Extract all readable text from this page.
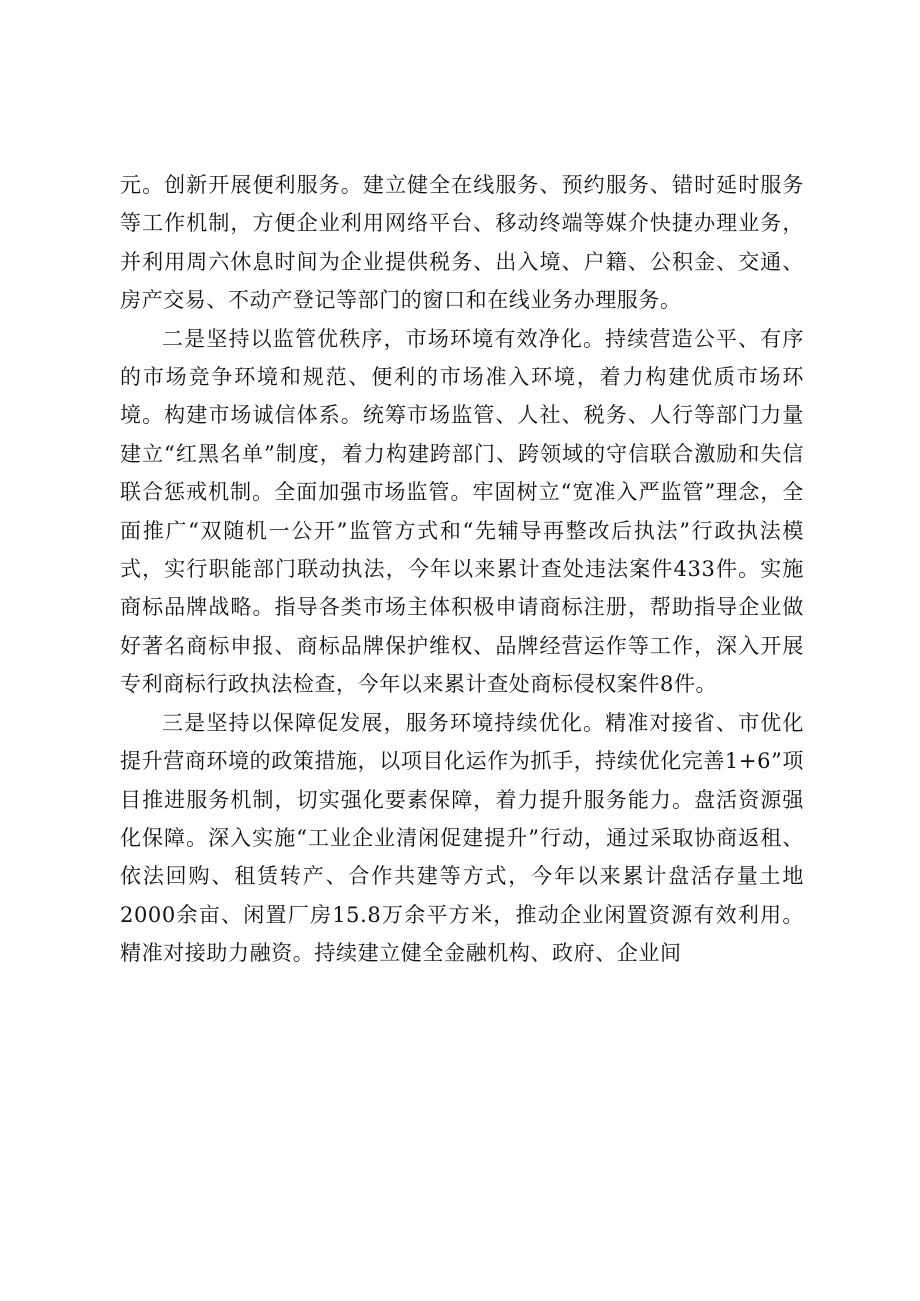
元。创新开展便利服务。建立健全在线服务、预约服务、错时延时服务等工作机制，方便企业利用网络平台、移动终端等媒介快捷办理业务，并利用周六休息时间为企业提供税务、出入境、户籍、公积金、交通、房产交易、不动产登记等部门的窗口和在线业务办理服务。

二是坚持以监管优秩序，市场环境有效净化。持续营造公平、有序的市场竞争环境和规范、便利的市场准入环境，着力构建优质市场环境。构建市场诚信体系。统筹市场监管、人社、税务、人行等部门力量建立“红黑名单”制度，着力构建跨部门、跨领域的守信联合激励和失信联合惩戒机制。全面加强市场监管。牢固树立“宽准入严监管”理念，全面推广“双随机一公开”监管方式和“先辅导再整改后执法”行政执法模式，实行职能部门联动执法，今年以来累计查处违法案件433件。实施商标品牌战略。指导各类市场主体积极申请商标注册，帮助指导企业做好著名商标申报、商标品牌保护维权、品牌经营运作等工作，深入开展专利商标行政执法检查，今年以来累计查处商标侵权案件8件。

三是坚持以保障促发展，服务环境持续优化。精准对接省、市优化提升营商环境的政策措施，以项目化运作为抓手，持续优化完善1+6”项目推进服务机制，切实强化要素保障，着力提升服务能力。盘活资源强化保障。深入实施“工业企业清闲促建提升”行动，通过采取协商返租、依法回购、租赁转产、合作共建等方式，今年以来累计盘活存量土地2000余亩、闲置厂房15.8万余平方米，推动企业闲置资源有效利用。精准对接助力融资。持续建立健全金融机构、政府、企业间
